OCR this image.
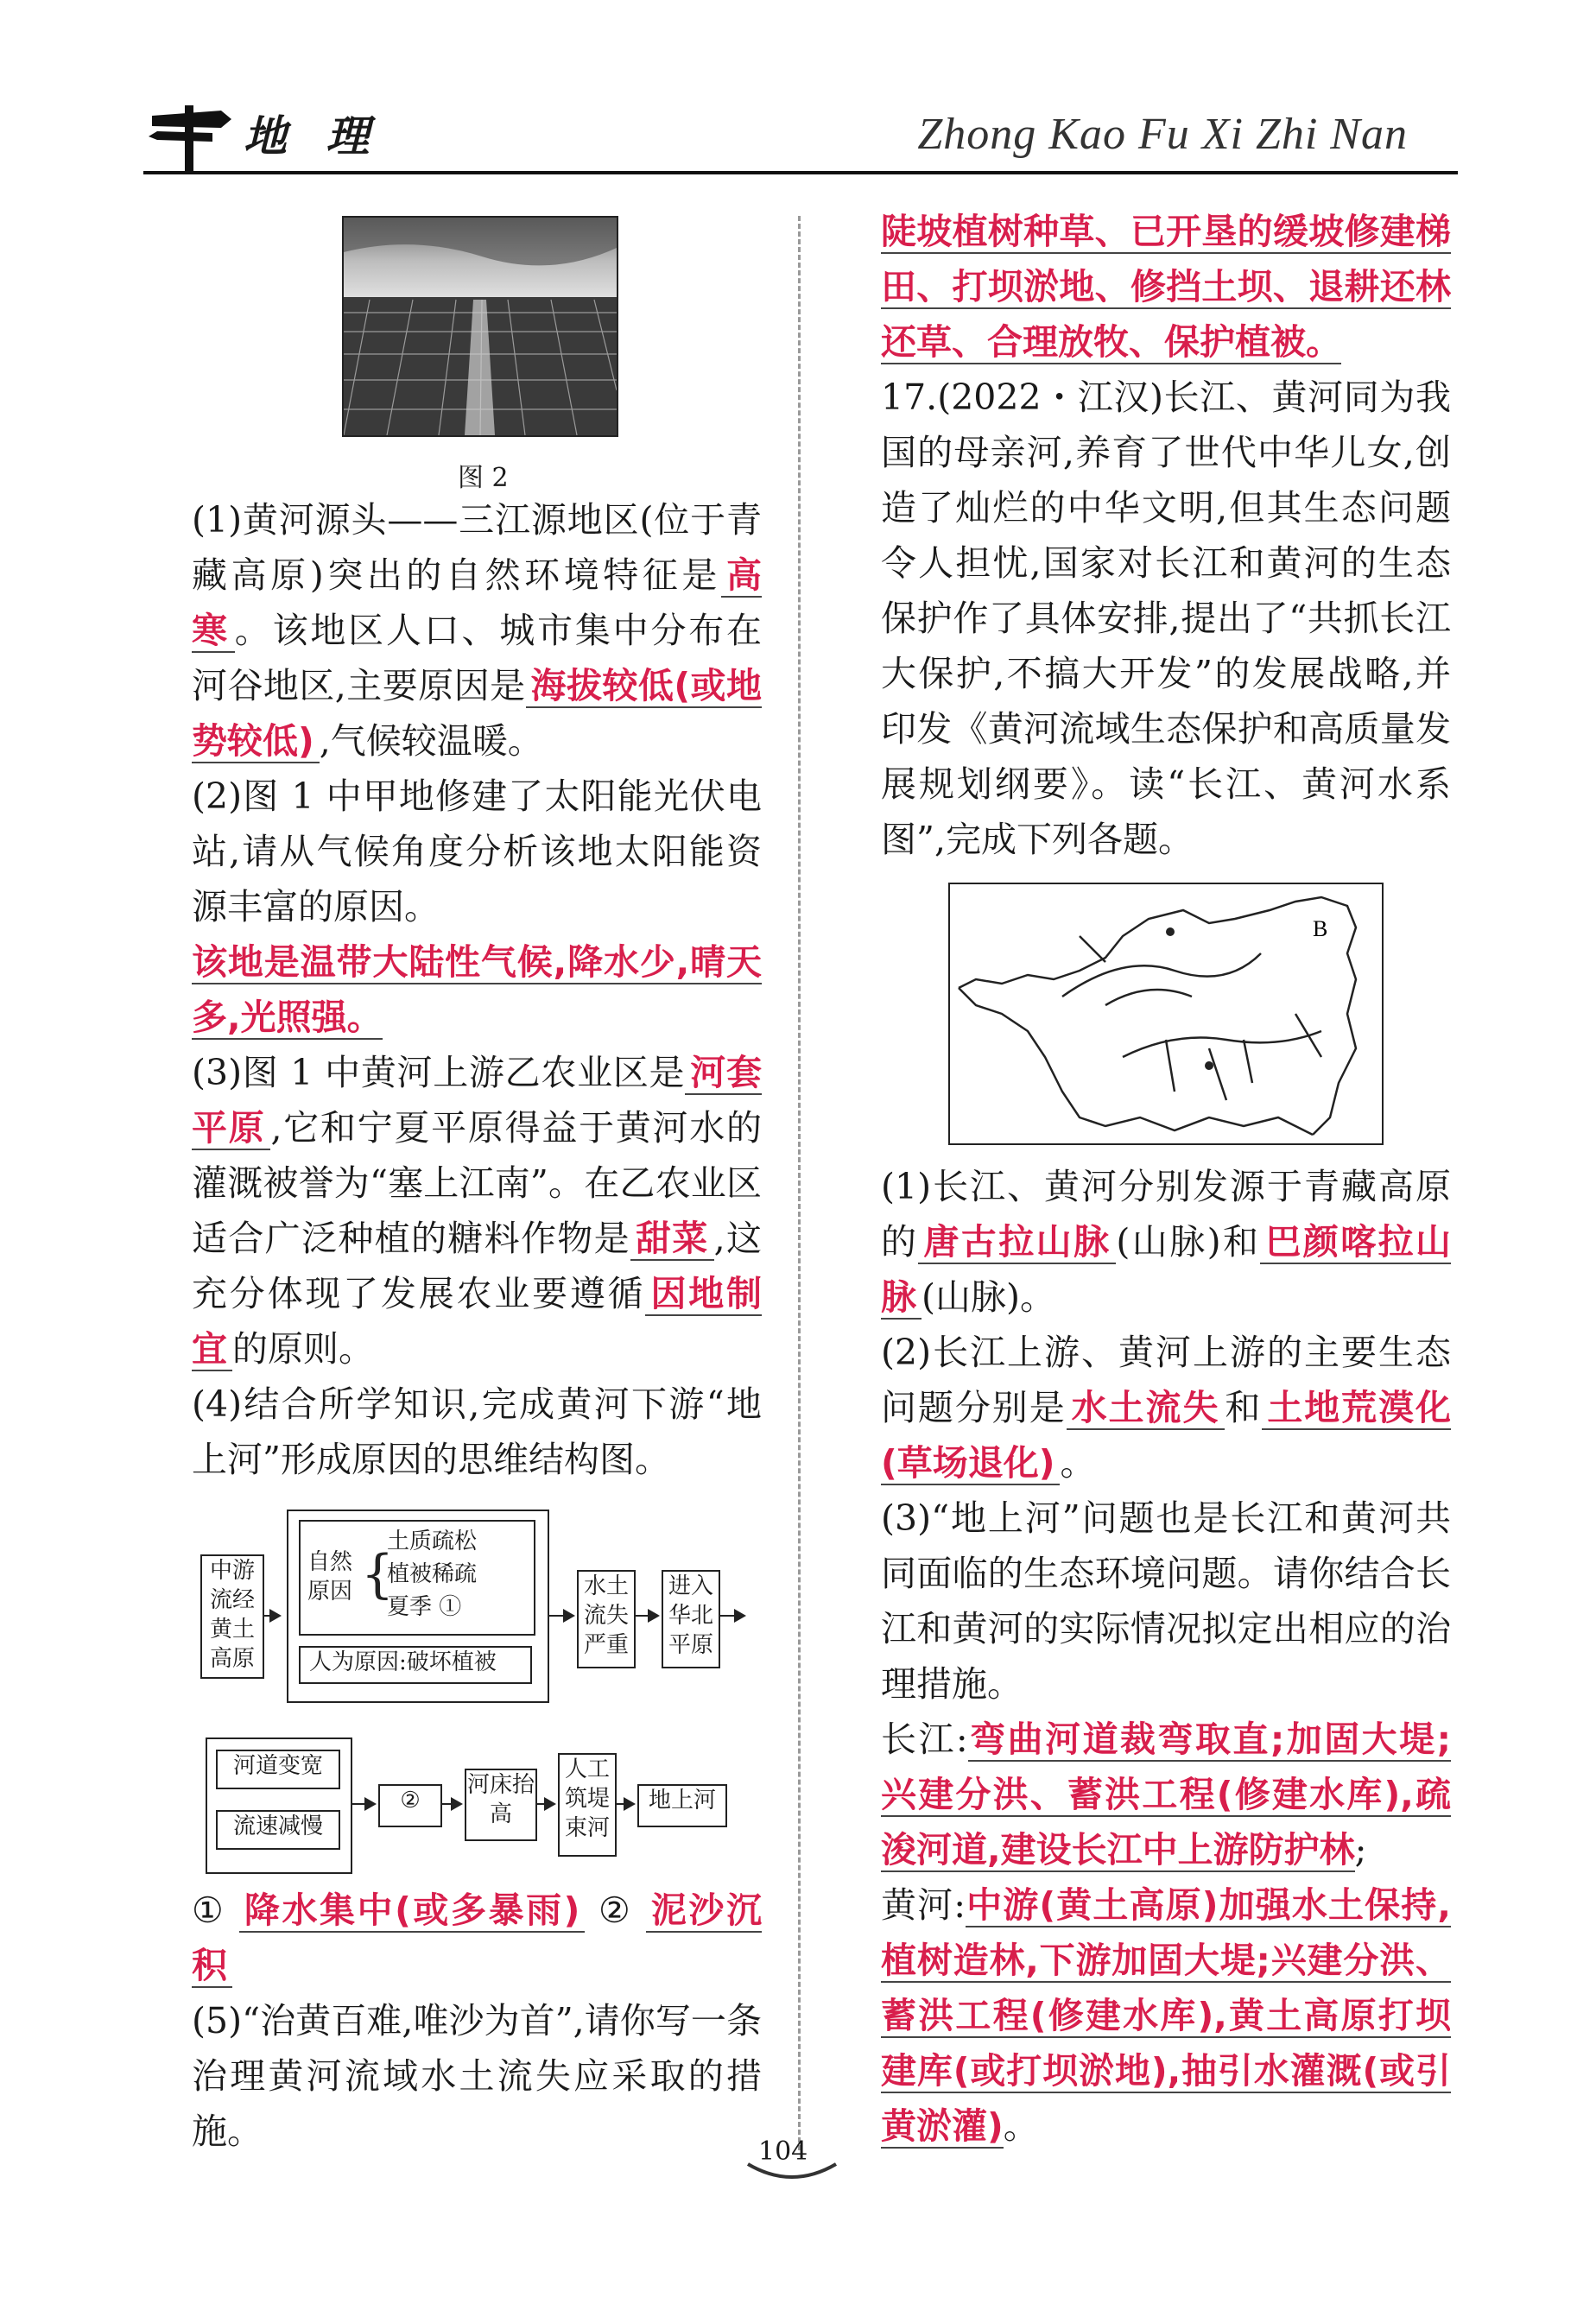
地 理	Zhong Kao Fu Xi Zhi Nan
图 2

(1)黄河源头——三江源地区(位于青藏高原)突出的自然环境特征是 高寒 。该地区人口、城市集中分布在河谷地区,主要原因是 海拔较低(或地势较低) ,气候较温暖。

(2)图 1 中甲地修建了太阳能光伏电站,请从气候角度分析该地太阳能资源丰富的原因。

该地是温带大陆性气候,降水少,晴天多,光照强。

(3)图 1 中黄河上游乙农业区是 河套平原 ,它和宁夏平原得益于黄河水的灌溉被誉为“塞上江南”。在乙农业区适合广泛种植的糖料作物是 甜菜 ,这充分体现了发展农业要遵循 因地制宜 的原则。

(4)结合所学知识,完成黄河下游“地上河”形成原因的思维结构图。

中游流经黄土高原
自然原因 {
土质疏松
植被稀疏
夏季 ①
人为原因:破坏植被
水土流失严重
进入华北平原
河道变宽
流速减慢
②
河床抬高
人工筑堤束河
地上河

① 降水集中(或多暴雨) ② 泥沙沉积

(5)“治黄百难,唯沙为首”,请你写一条治理黄河流域水土流失应采取的措施。

陡坡植树种草、已开垦的缓坡修建梯田、打坝淤地、修挡土坝、退耕还林还草、合理放牧、保护植被。

17.(2022・江汉)长江、黄河同为我国的母亲河,养育了世代中华儿女,创造了灿烂的中华文明,但其生态问题令人担忧,国家对长江和黄河的生态保护作了具体安排,提出了“共抓长江大保护,不搞大开发”的发展战略,并印发《黄河流域生态保护和高质量发展规划纲要》。读“长江、黄河水系图”,完成下列各题。

B

(1)长江、黄河分别发源于青藏高原的 唐古拉山脉 (山脉)和 巴颜喀拉山脉 (山脉)。

(2)长江上游、黄河上游的主要生态问题分别是 水土流失 和 土地荒漠化(草场退化) 。

(3)“地上河”问题也是长江和黄河共同面临的生态环境问题。请你结合长江和黄河的实际情况拟定出相应的治理措施。

长江:弯曲河道裁弯取直;加固大堤;兴建分洪、蓄洪工程(修建水库),疏浚河道,建设长江中上游防护林;

黄河:中游(黄土高原)加强水土保持,植树造林,下游加固大堤;兴建分洪、蓄洪工程(修建水库),黄土高原打坝建库(或打坝淤地),抽引水灌溉(或引黄淤灌)。

104
